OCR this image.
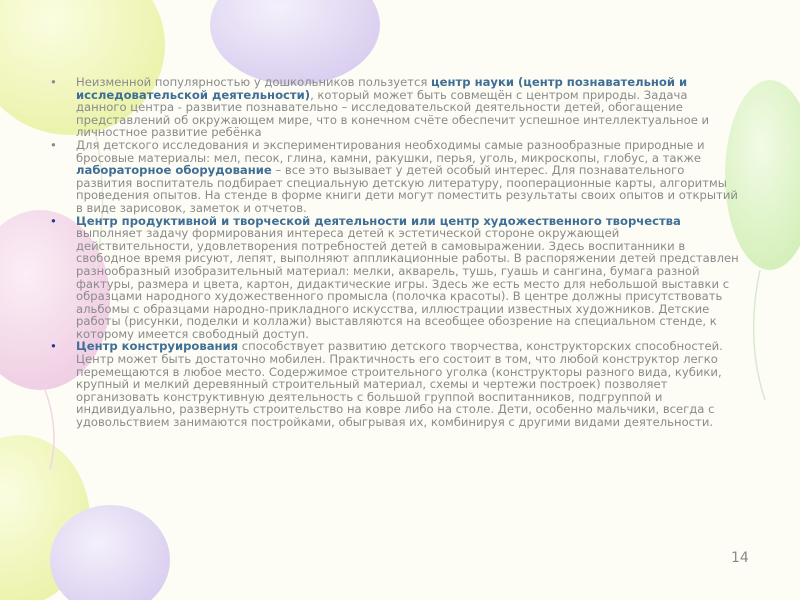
•	Неизменной популярностью у дошкольников пользуется центр науки (центр познавательной и исследовательской деятельности), который может быть совмещён с центром природы. Задача данного центра - развитие познавательно – исследовательской деятельности детей, обогащение представлений об окружающем мире, что в конечном счёте обеспечит успешное интеллектуальное и личностное развитие ребёнка
•	Для детского исследования и экспериментирования необходимы самые разнообразные природные и бросовые материалы: мел, песок, глина, камни, ракушки, перья, уголь, микроскопы, глобус, а также лабораторное оборудование – все это вызывает у детей особый интерес. Для познавательного развития воспитатель подбирает специальную детскую литературу, пооперационные карты, алгоритмы проведения опытов. На стенде в форме книги дети могут поместить результаты своих опытов и открытий в виде зарисовок, заметок и отчетов.
•	Центр продуктивной и творческой деятельности или центр художественного творчества выполняет задачу формирования интереса детей к эстетической стороне окружающей действительности, удовлетворения потребностей детей в самовыражении. Здесь воспитанники в свободное время рисуют, лепят, выполняют аппликационные работы. В распоряжении детей представлен разнообразный изобразительный материал: мелки, акварель, тушь, гуашь и сангина, бумага разной фактуры, размера и цвета, картон, дидактические игры. Здесь же есть место для небольшой выставки с образцами народного художественного промысла (полочка красоты). В центре должны присутствовать альбомы с образцами народно-прикладного искусства, иллюстрации известных художников. Детские работы (рисунки, поделки и коллажи) выставляются на всеобщее обозрение на специальном стенде, к которому имеется свободный доступ.
•	Центр конструирования способствует развитию детского творчества, конструкторских способностей. Центр может быть достаточно мобилен. Практичность его состоит в том, что любой конструктор легко перемещаются в любое место. Содержимое строительного уголка (конструкторы разного вида, кубики, крупный и мелкий деревянный строительный материал, схемы и чертежи построек) позволяет организовать конструктивную деятельность с большой группой воспитанников, подгруппой и индивидуально, развернуть строительство на ковре либо на столе. Дети, особенно мальчики, всегда с удовольствием занимаются постройками, обыгрывая их, комбинируя с другими видами деятельности.
14
